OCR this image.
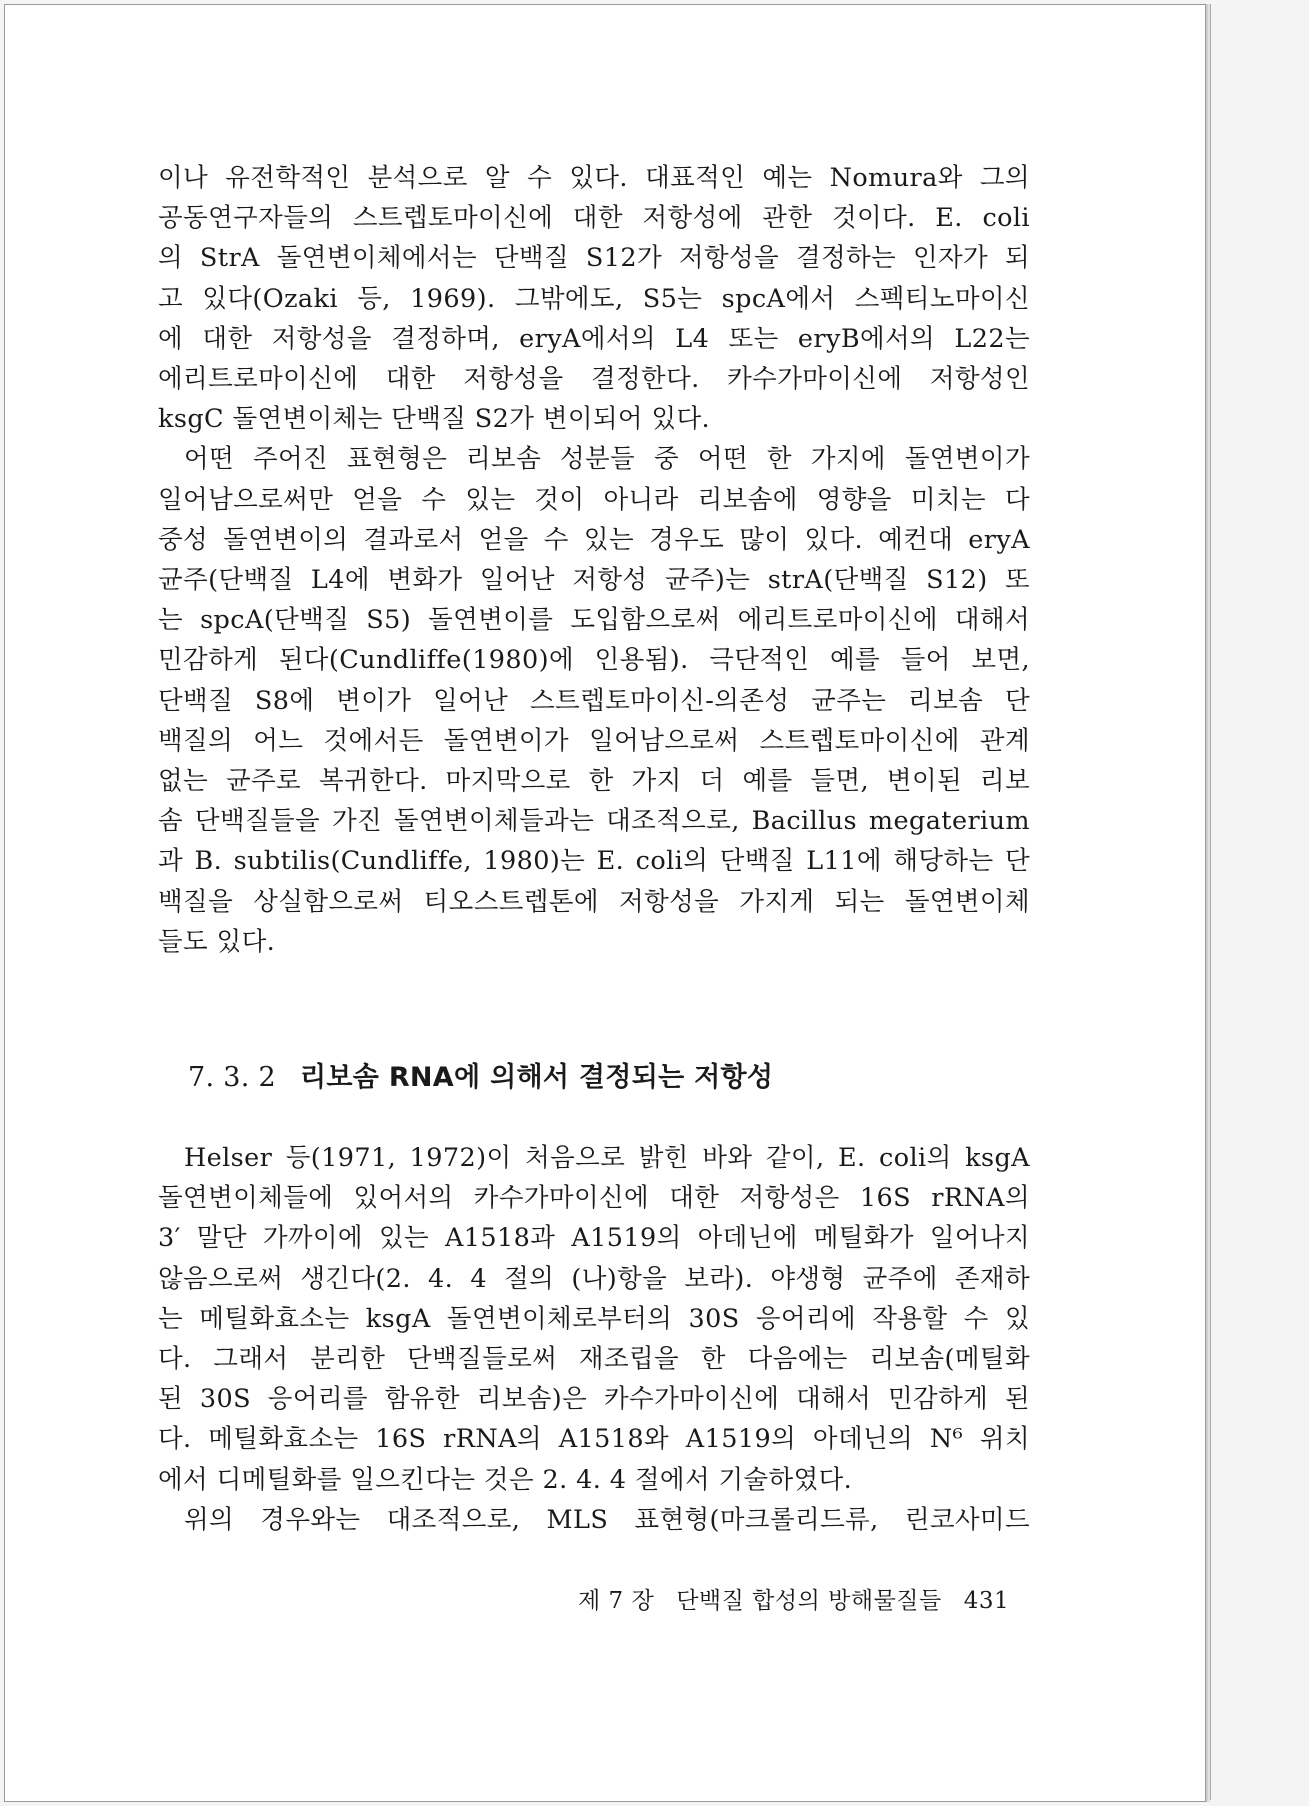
이나 유전학적인 분석으로 알 수 있다. 대표적인 예는 Nomura와 그의
공동연구자들의 스트렙토마이신에 대한 저항성에 관한 것이다. E. coli
의 StrA 돌연변이체에서는 단백질 S12가 저항성을 결정하는 인자가 되
고 있다(Ozaki 등, 1969). 그밖에도, S5는 spcA에서 스펙티노마이신
에 대한 저항성을 결정하며, eryA에서의 L4 또는 eryB에서의 L22는
에리트로마이신에 대한 저항성을 결정한다. 카수가마이신에 저항성인
ksgC 돌연변이체는 단백질 S2가 변이되어 있다.

어떤 주어진 표현형은 리보솜 성분들 중 어떤 한 가지에 돌연변이가
일어남으로써만 얻을 수 있는 것이 아니라 리보솜에 영향을 미치는 다
중성 돌연변이의 결과로서 얻을 수 있는 경우도 많이 있다. 예컨대 eryA
균주(단백질 L4에 변화가 일어난 저항성 균주)는 strA(단백질 S12) 또
는 spcA(단백질 S5) 돌연변이를 도입함으로써 에리트로마이신에 대해서
민감하게 된다(Cundliffe(1980)에 인용됨). 극단적인 예를 들어 보면,
단백질 S8에 변이가 일어난 스트렙토마이신-의존성 균주는 리보솜 단
백질의 어느 것에서든 돌연변이가 일어남으로써 스트렙토마이신에 관계
없는 균주로 복귀한다. 마지막으로 한 가지 더 예를 들면, 변이된 리보
솜 단백질들을 가진 돌연변이체들과는 대조적으로, Bacillus megaterium
과 B. subtilis(Cundliffe, 1980)는 E. coli의 단백질 L11에 해당하는 단
백질을 상실함으로써 티오스트렙톤에 저항성을 가지게 되는 돌연변이체
들도 있다.

7. 3. 2 리보솜 RNA에 의해서 결정되는 저항성

Helser 등(1971, 1972)이 처음으로 밝힌 바와 같이, E. coli의 ksgA
돌연변이체들에 있어서의 카수가마이신에 대한 저항성은 16S rRNA의
3′ 말단 가까이에 있는 A1518과 A1519의 아데닌에 메틸화가 일어나지
않음으로써 생긴다(2. 4. 4 절의 (나)항을 보라). 야생형 균주에 존재하
는 메틸화효소는 ksgA 돌연변이체로부터의 30S 응어리에 작용할 수 있
다. 그래서 분리한 단백질들로써 재조립을 한 다음에는 리보솜(메틸화
된 30S 응어리를 함유한 리보솜)은 카수가마이신에 대해서 민감하게 된
다. 메틸화효소는 16S rRNA의 A1518와 A1519의 아데닌의 N⁶ 위치
에서 디메틸화를 일으킨다는 것은 2. 4. 4 절에서 기술하였다.

위의 경우와는 대조적으로, MLS 표현형(마크롤리드류, 린코사미드

제 7 장 단백질 합성의 방해물질들 431
